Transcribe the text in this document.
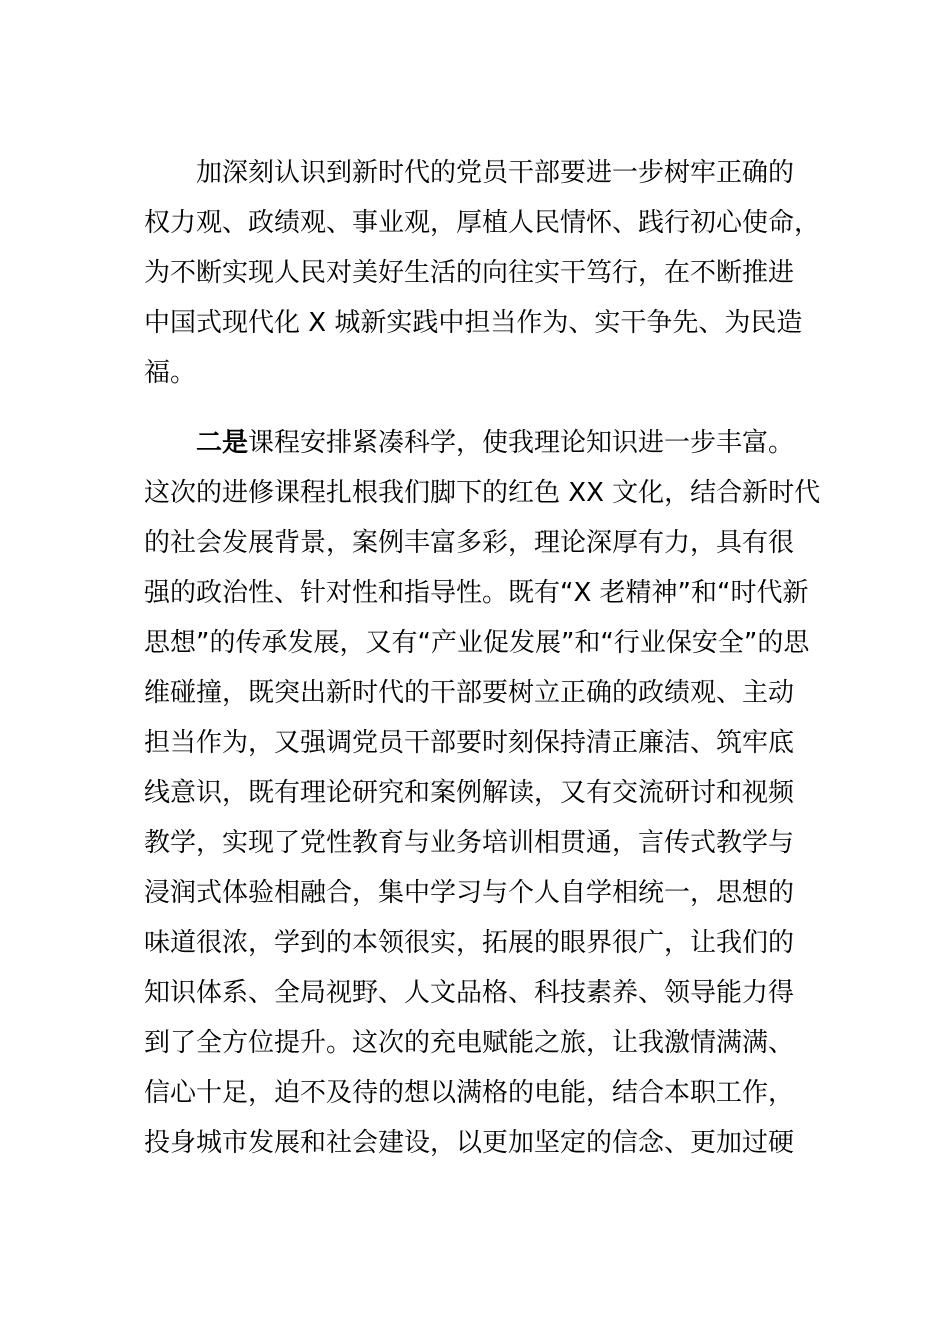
加深刻认识到新时代的党员干部要进一步树牢正确的
权力观、政绩观、事业观，厚植人民情怀、践行初心使命，
为不断实现人民对美好生活的向往实干笃行，在不断推进
中国式现代化 X 城新实践中担当作为、实干争先、为民造
福。
二是课程安排紧凑科学，使我理论知识进一步丰富。
这次的进修课程扎根我们脚下的红色 XX 文化，结合新时代
的社会发展背景，案例丰富多彩，理论深厚有力，具有很
强的政治性、针对性和指导性。既有“X 老精神”和“时代新
思想”的传承发展，又有“产业促发展”和“行业保安全”的思
维碰撞，既突出新时代的干部要树立正确的政绩观、主动
担当作为，又强调党员干部要时刻保持清正廉洁、筑牢底
线意识，既有理论研究和案例解读，又有交流研讨和视频
教学，实现了党性教育与业务培训相贯通，言传式教学与
浸润式体验相融合，集中学习与个人自学相统一，思想的
味道很浓，学到的本领很实，拓展的眼界很广，让我们的
知识体系、全局视野、人文品格、科技素养、领导能力得
到了全方位提升。这次的充电赋能之旅，让我激情满满、
信心十足，迫不及待的想以满格的电能，结合本职工作，
投身城市发展和社会建设，以更加坚定的信念、更加过硬
